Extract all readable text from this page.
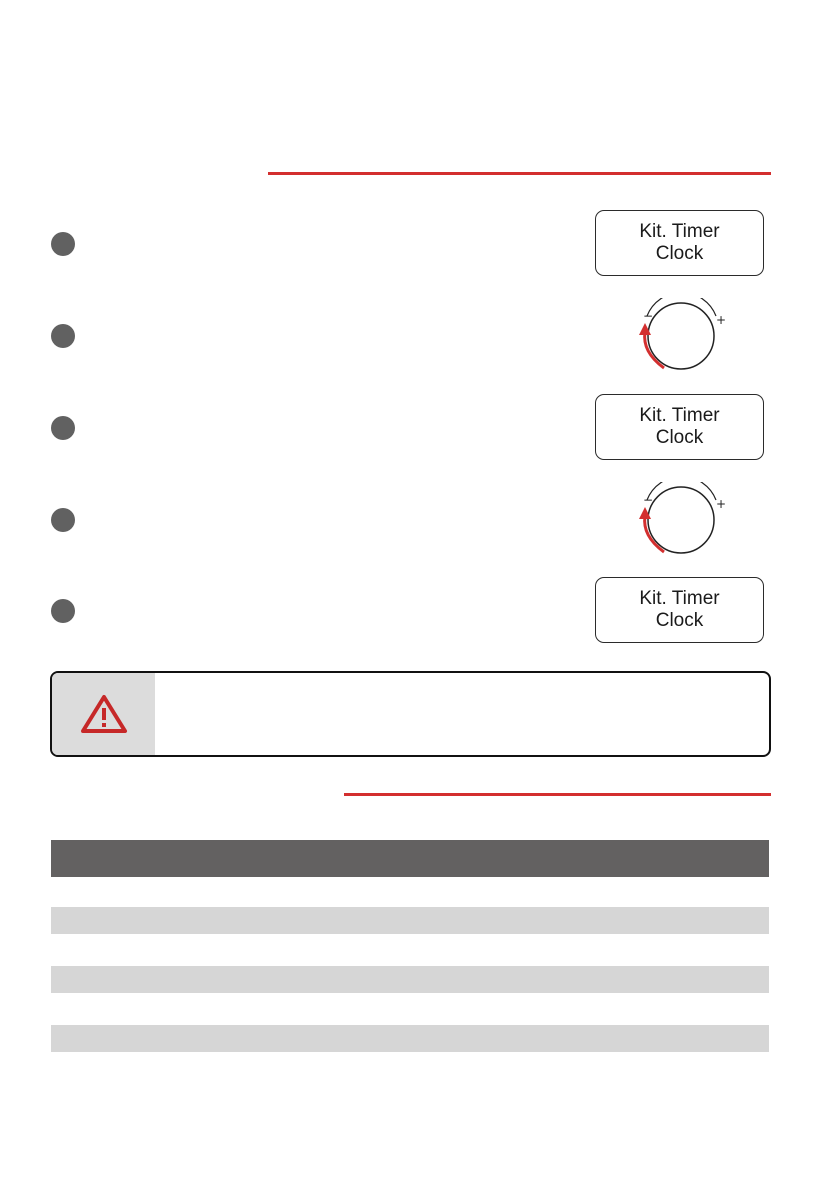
Kit. Timer
Clock
−	+
Kit. Timer
Clock
−	+
Kit. Timer
Clock
